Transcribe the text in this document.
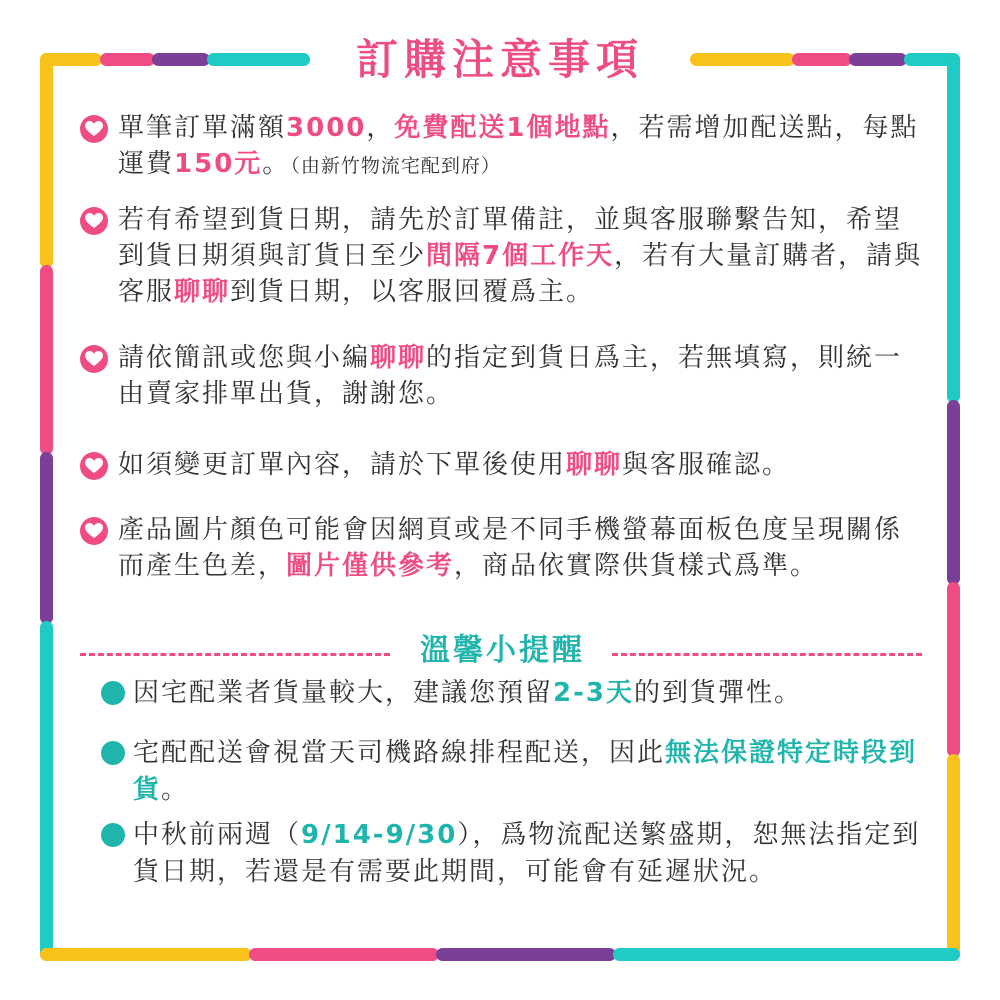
訂購注意事項
單筆訂單滿額3000，免費配送1個地點，若需增加配送點，每點運費150元。（由新竹物流宅配到府）
若有希望到貨日期，請先於訂單備註，並與客服聯繫告知，希望到貨日期須與訂貨日至少間隔7個工作天，若有大量訂購者，請與客服聊聊到貨日期，以客服回覆爲主。
請依簡訊或您與小編聊聊的指定到貨日爲主，若無填寫，則統一由賣家排單出貨，謝謝您。
如須變更訂單內容，請於下單後使用聊聊與客服確認。
產品圖片顏色可能會因網頁或是不同手機螢幕面板色度呈現關係而產生色差，圖片僅供參考，商品依實際供貨樣式爲準。
溫馨小提醒
因宅配業者貨量較大，建議您預留2-3天的到貨彈性。
宅配配送會視當天司機路線排程配送，因此無法保證特定時段到貨。
中秋前兩週（9/14-9/30），爲物流配送繁盛期，恕無法指定到貨日期，若還是有需要此期間，可能會有延遲狀況。
